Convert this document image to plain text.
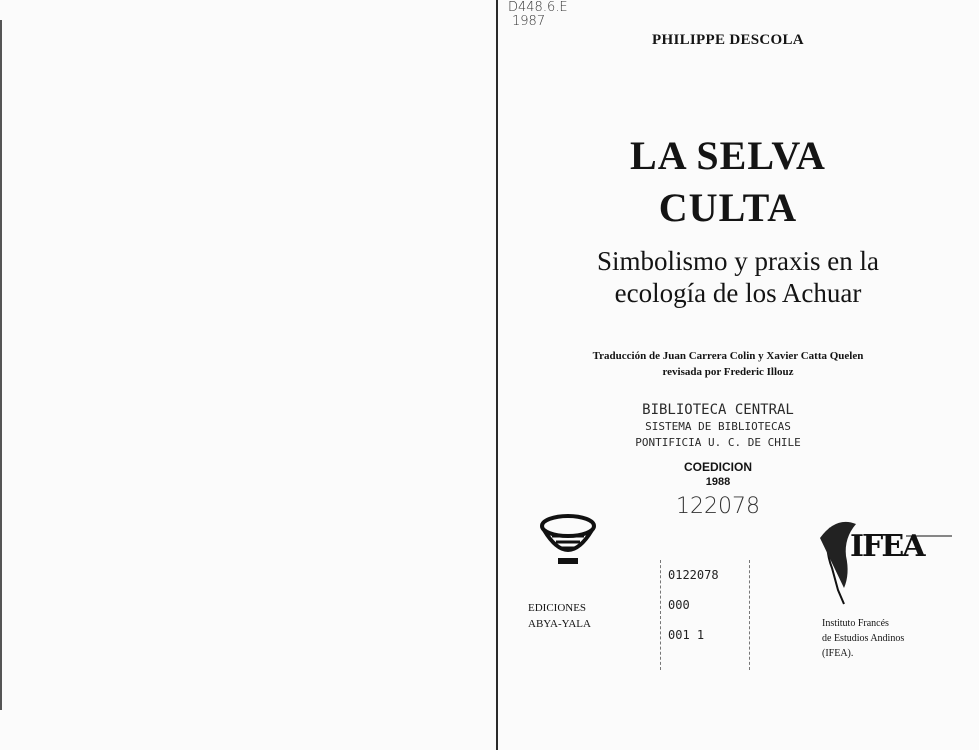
D448.6.E
1987
PHILIPPE DESCOLA
LA SELVA
CULTA
Simbolismo y praxis en la
ecología de los Achuar
Traducción de Juan Carrera Colin y Xavier Catta Quelen
revisada por Frederic Illouz
BIBLIOTECA CENTRAL
SISTEMA DE BIBLIOTECAS
PONTIFICIA U. C. DE CHILE
COEDICION
1988
122078
EDICIONES
ABYA-YALA
0122078
000
001 1
IFEA
Instituto Francés
de Estudios Andinos
(IFEA).
